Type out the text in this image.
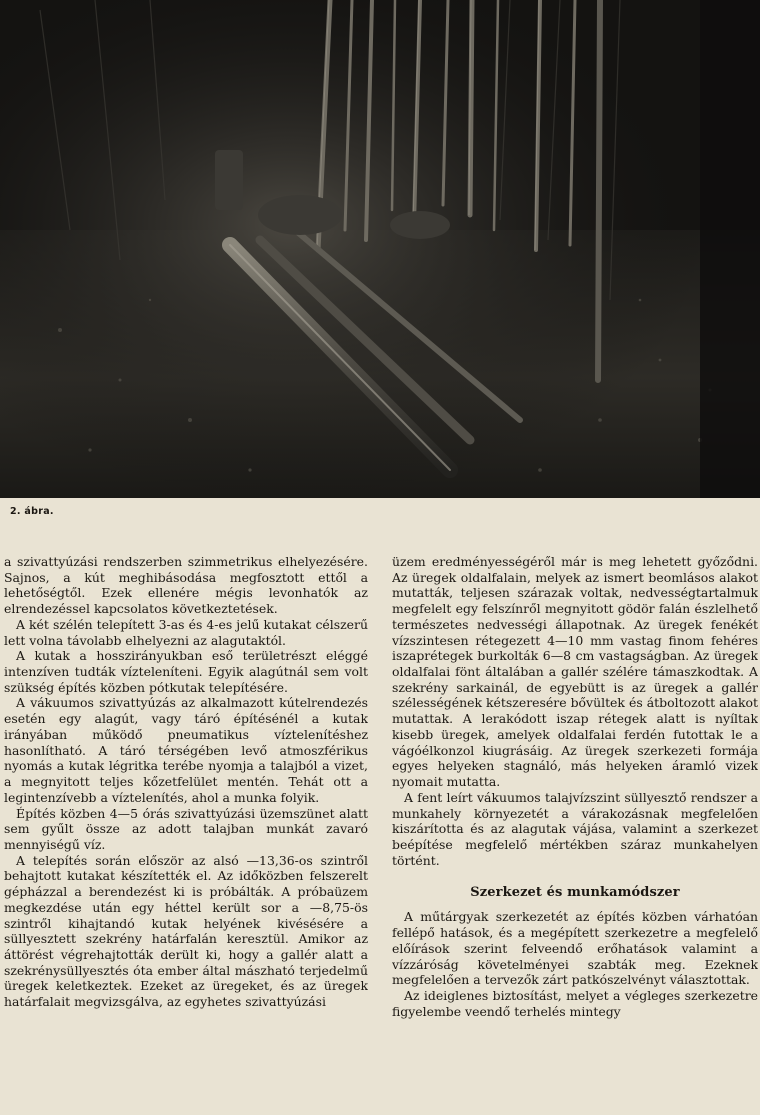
2. ábra.

a szivattyúzási rendszerben szimmetrikus elhelyezésére. Sajnos, a kút meghibásodása megfosztott ettől a lehetőségtől. Ezek ellenére mégis levonhatók az elrendezéssel kapcsolatos következtetések.

A két szélén telepített 3-as és 4-es jelű kutakat célszerű lett volna távolabb elhelyezni az alagutaktól.

A kutak a hosszirányukban eső területrészt eléggé intenzíven tudták vízteleníteni. Egyik alagútnál sem volt szükség építés közben pótkutak telepítésére.

A vákuumos szivattyúzás az alkalmazott kútelrendezés esetén egy alagút, vagy táró építésénél a kutak irányában működő pneumatikus víztelenítéshez hasonlítható. A táró térségében levő atmoszférikus nyomás a kutak légritka terébe nyomja a talajból a vizet, a megnyitott teljes kőzetfelület mentén. Tehát ott a legintenzívebb a víztelenítés, ahol a munka folyik.

Építés közben 4—5 órás szivattyúzási üzemszünet alatt sem gyűlt össze az adott talajban munkát zavaró mennyiségű víz.

A telepítés során először az alsó —13,36-os szintről behajtott kutakat készítették el. Az időközben felszerelt gépházzal a berendezést ki is próbálták. A próbaüzem megkezdése után egy héttel került sor a —8,75-ös szintről kihajtandó kutak helyének kivésésére a süllyesztett szekrény határfalán keresztül. Amikor az áttörést végrehajtották derült ki, hogy a gallér alatt a szekrénysüllyesztés óta ember által mászható terjedelmű üregek keletkeztek. Ezeket az üregeket, és az üregek határfalait megvizsgálva, az egyhetes szivattyúzási

üzem eredményességéről már is meg lehetett győződni. Az üregek oldalfalain, melyek az ismert beomlásos alakot mutatták, teljesen szárazak voltak, nedvességtartalmuk megfelelt egy felszínről megnyitott gödör falán észlelhető természetes nedvességi állapotnak. Az üregek fenékét vízszintesen rétegezett 4—10 mm vastag finom fehéres iszaprétegek burkolták 6—8 cm vastagságban. Az üregek oldalfalai fönt általában a gallér szélére támaszkodtak. A szekrény sarkainál, de egyebütt is az üregek a gallér szélességének kétszeresére bővültek és átboltozott alakot mutattak. A lerakódott iszap rétegek alatt is nyíltak kisebb üregek, amelyek oldalfalai ferdén futottak le a vágóélkonzol kiugrásáig. Az üregek szerkezeti formája egyes helyeken stagnáló, más helyeken áramló vizek nyomait mutatta.

A fent leírt vákuumos talajvízszint süllyesztő rendszer a munkahely környezetét a várakozásnak megfelelően kiszárította és az alagutak vájása, valamint a szerkezet beépítése megfelelő mértékben száraz munkahelyen történt.

Szerkezet és munkamódszer

A műtárgyak szerkezetét az építés közben várhatóan fellépő hatások, és a megépített szerkezetre a megfelelő előírások szerint felveendő erőhatások valamint a vízzáróság követelményei szabták meg. Ezeknek megfelelően a tervezők zárt patkószelvényt választottak.

Az ideiglenes biztosítást, melyet a végleges szerkezetre figyelembe veendő terhelés mintegy
